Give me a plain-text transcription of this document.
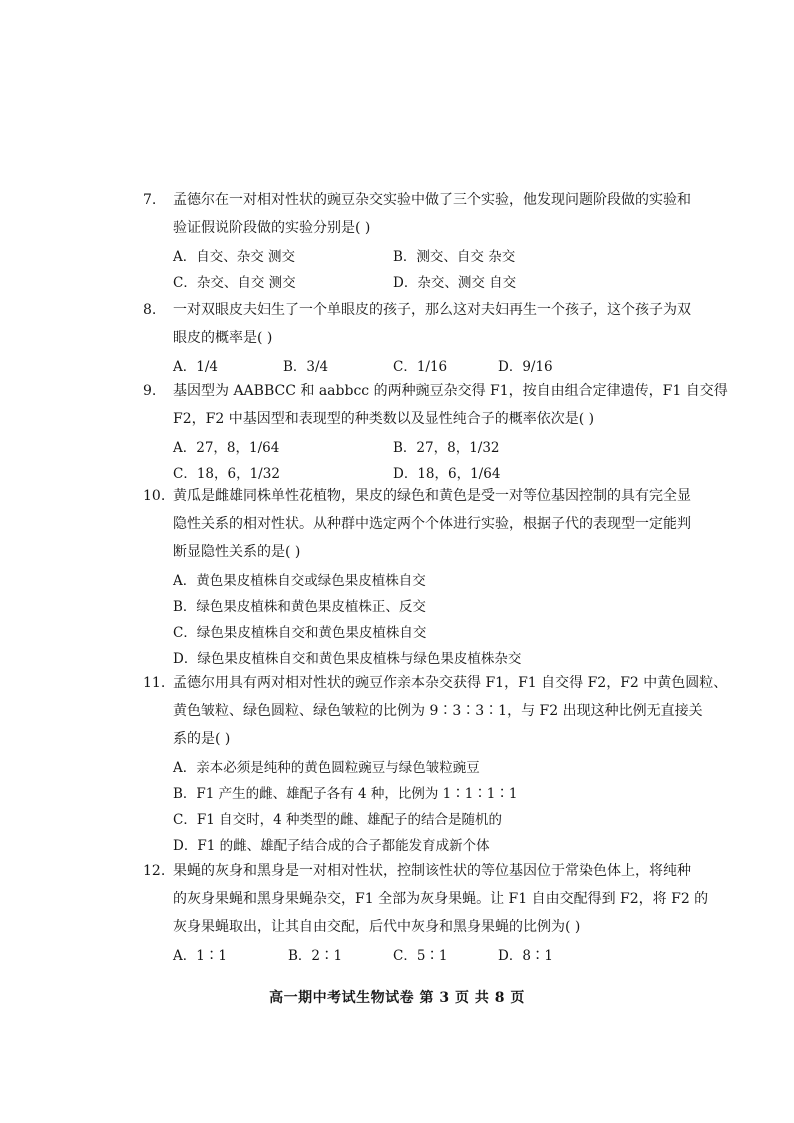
7. 孟德尔在一对相对性状的豌豆杂交实验中做了三个实验，他发现问题阶段做的实验和
验证假说阶段做的实验分别是( )
A．自交、杂交 测交	B．测交、自交 杂交
C．杂交、自交 测交	D．杂交、测交 自交
8. 一对双眼皮夫妇生了一个单眼皮的孩子，那么这对夫妇再生一个孩子，这个孩子为双
眼皮的概率是( )
A．1/4	B．3/4	C．1/16	D．9/16
9. 基因型为 AABBCC 和 aabbcc 的两种豌豆杂交得 F1，按自由组合定律遗传，F1 自交得
F2，F2 中基因型和表现型的种类数以及显性纯合子的概率依次是( )
A．27，8，1/64	B．27，8，1/32
C．18，6，1/32	D．18，6，1/64
10. 黄瓜是雌雄同株单性花植物，果皮的绿色和黄色是受一对等位基因控制的具有完全显
隐性关系的相对性状。从种群中选定两个个体进行实验，根据子代的表现型一定能判
断显隐性关系的是( )
A．黄色果皮植株自交或绿色果皮植株自交
B．绿色果皮植株和黄色果皮植株正、反交
C．绿色果皮植株自交和黄色果皮植株自交
D．绿色果皮植株自交和黄色果皮植株与绿色果皮植株杂交
11. 孟德尔用具有两对相对性状的豌豆作亲本杂交获得 F1，F1 自交得 F2，F2 中黄色圆粒、
黄色皱粒、绿色圆粒、绿色皱粒的比例为 9∶3∶3∶1，与 F2 出现这种比例无直接关
系的是( )
A．亲本必须是纯种的黄色圆粒豌豆与绿色皱粒豌豆
B．F1 产生的雌、雄配子各有 4 种，比例为 1∶1∶1∶1
C．F1 自交时，4 种类型的雌、雄配子的结合是随机的
D．F1 的雌、雄配子结合成的合子都能发育成新个体
12. 果蝇的灰身和黑身是一对相对性状，控制该性状的等位基因位于常染色体上，将纯种
的灰身果蝇和黑身果蝇杂交，F1 全部为灰身果蝇。让 F1 自由交配得到 F2，将 F2 的
灰身果蝇取出，让其自由交配，后代中灰身和黑身果蝇的比例为( )
A．1∶1	B．2∶1	C．5∶1	D．8∶1
高一期中考试生物试卷 第 3 页 共 8 页
